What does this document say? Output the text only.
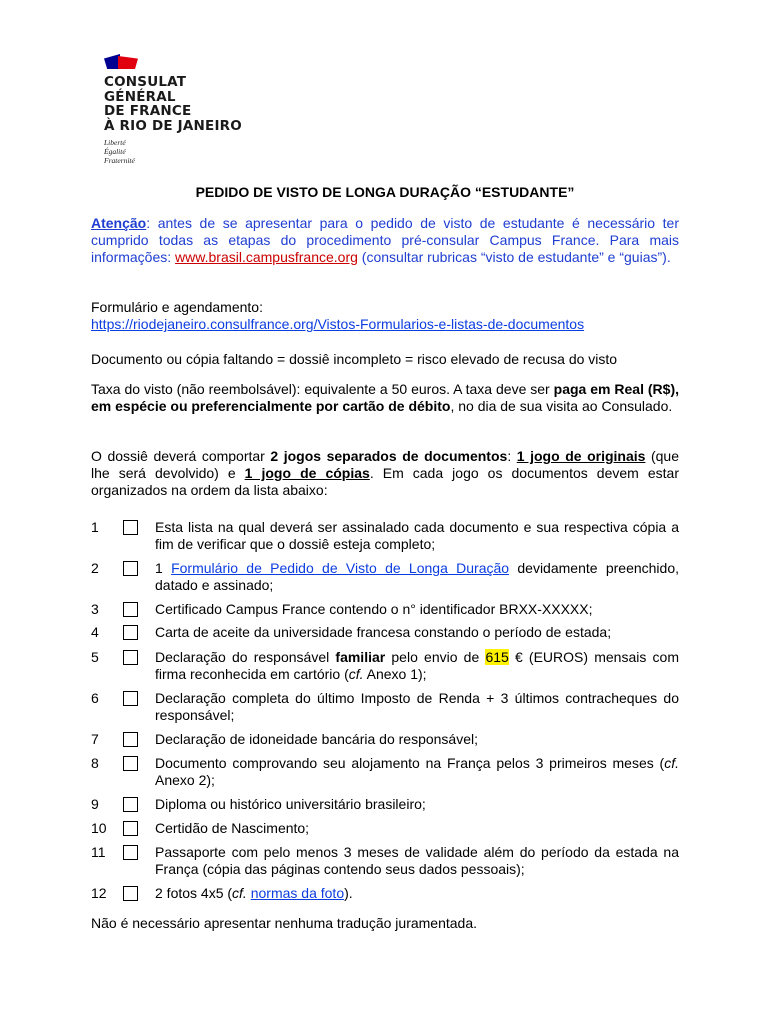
CONSULAT
GÉNÉRAL
DE FRANCE
À RIO DE JANEIRO
Liberté
Égalité
Fraternité
PEDIDO DE VISTO DE LONGA DURAÇÃO “ESTUDANTE”
Atenção: antes de se apresentar para o pedido de visto de estudante é necessário ter cumprido todas as etapas do procedimento pré-consular Campus France. Para mais informações: www.brasil.campusfrance.org (consultar rubricas “visto de estudante” e “guias”).
Formulário e agendamento:
https://riodejaneiro.consulfrance.org/Vistos-Formularios-e-listas-de-documentos
Documento ou cópia faltando = dossiê incompleto = risco elevado de recusa do visto
Taxa do visto (não reembolsável): equivalente a 50 euros. A taxa deve ser paga em Real (R$), em espécie ou preferencialmente por cartão de débito, no dia de sua visita ao Consulado.
O dossiê deverá comportar 2 jogos separados de documentos: 1 jogo de originais (que lhe será devolvido) e 1 jogo de cópias. Em cada jogo os documentos devem estar organizados na ordem da lista abaixo:
1	Esta lista na qual deverá ser assinalado cada documento e sua respectiva cópia a fim de verificar que o dossiê esteja completo;
2	1 Formulário de Pedido de Visto de Longa Duração devidamente preenchido, datado e assinado;
3	Certificado Campus France contendo o n° identificador BRXX-XXXXX;
4	Carta de aceite da universidade francesa constando o período de estada;
5	Declaração do responsável familiar pelo envio de 615 € (EUROS) mensais com firma reconhecida em cartório (cf. Anexo 1);
6	Declaração completa do último Imposto de Renda + 3 últimos contracheques do responsável;
7	Declaração de idoneidade bancária do responsável;
8	Documento comprovando seu alojamento na França pelos 3 primeiros meses (cf. Anexo 2);
9	Diploma ou histórico universitário brasileiro;
10	Certidão de Nascimento;
11	Passaporte com pelo menos 3 meses de validade além do período da estada na França (cópia das páginas contendo seus dados pessoais);
12	2 fotos 4x5 (cf. normas da foto).
Não é necessário apresentar nenhuma tradução juramentada.
